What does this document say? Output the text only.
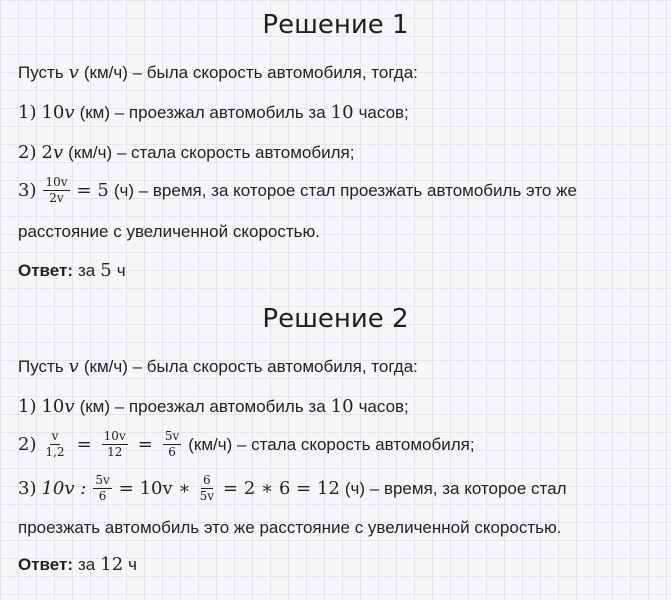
Решение 1
Пусть v (км/ч) – была скорость автомобиля, тогда:
1) 10 v (км) – проезжал автомобиль за 10 часов;
2) 2 v (км/ч) – стала скорость автомобиля;
$3) \frac{10v}{2v} = 5$ (ч) – время, за которое стал проезжать автомобиль это же
расстояние с увеличенной скоростью.
Ответ: за 5 ч
Решение 2
Пусть v (км/ч) – была скорость автомобиля, тогда:
1) 10 v (км) – проезжал автомобиль за 10 часов;
$2) \frac{v}{1,2} = \frac{10v}{12} = \frac{5v}{6} (км/ч)$ – стала скорость автомобиля;
3) 10v : $\frac{5v}{6} = 10v$ ∗ $\frac{6}{5v} = 2$ ∗ 6 = 12 (ч) – время, за которое стал
проезжать автомобиль это же расстояние с увеличенной скоростью.
Ответ: за 12 ч
